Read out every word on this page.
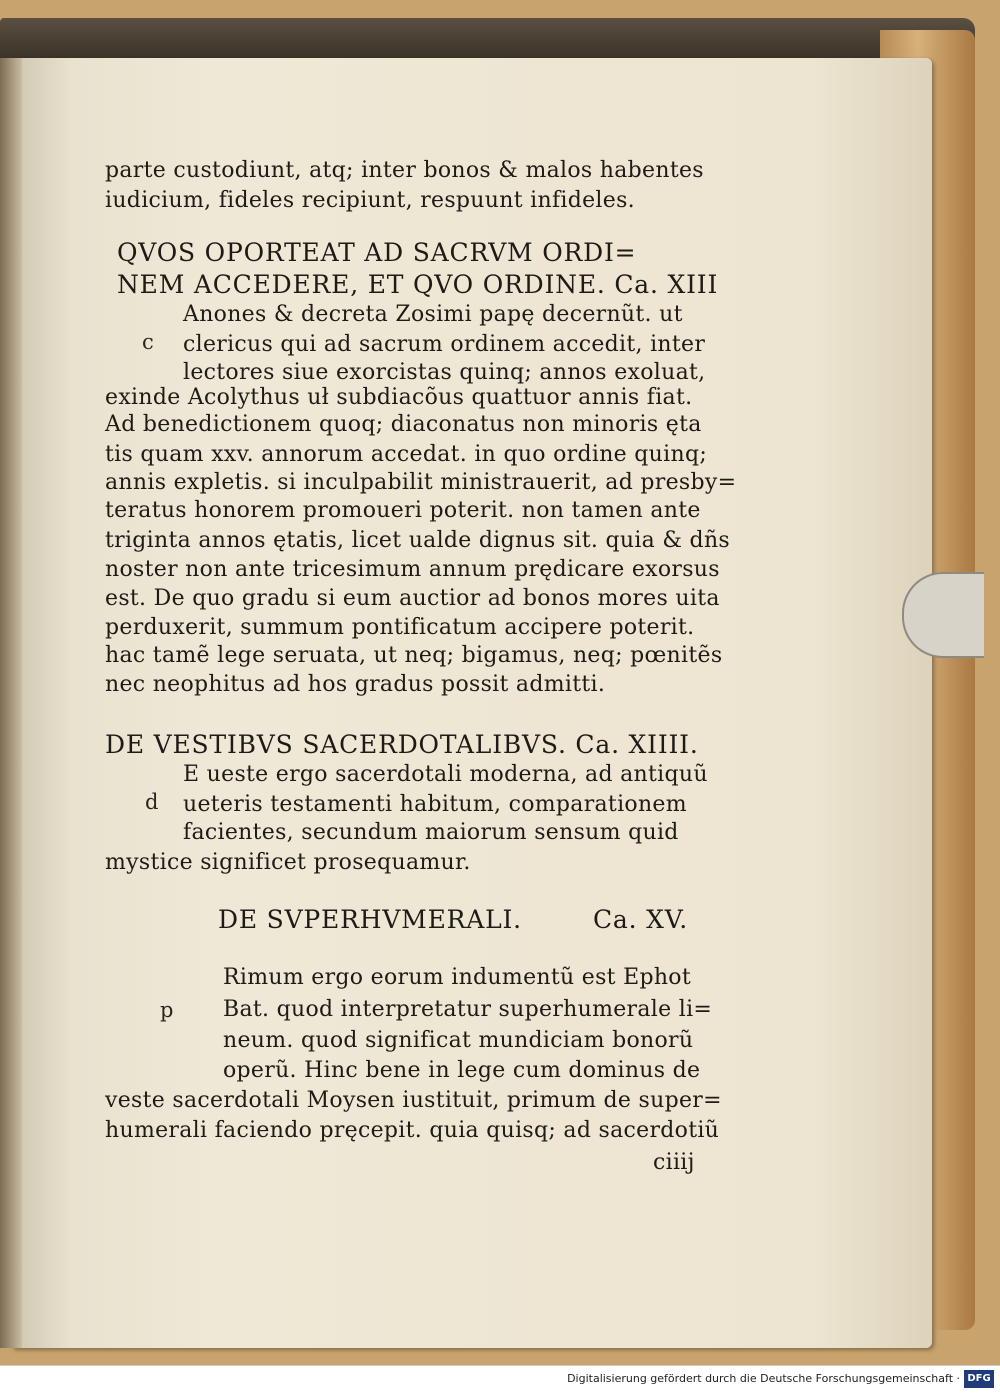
parte custodiunt, atq; inter bonos & malos habentes
iudicium, fideles recipiunt, respuunt infideles.
QVOS OPORTEAT AD SACRVM ORDI=
NEM ACCEDERE, ET QVO ORDINE. Ca. XIII
c
Anones & decreta Zosimi papę decernũt. ut
clericus qui ad sacrum ordinem accedit, inter
lectores siue exorcistas quinq; annos exoluat,
exinde Acolythus uł subdiacõus quattuor annis fiat.
Ad benedictionem quoq; diaconatus non minoris ęta
tis quam xxv. annorum accedat. in quo ordine quinq;
annis expletis. si inculpabilit ministrauerit, ad presby=
teratus honorem promoueri poterit. non tamen ante
triginta annos ętatis, licet ualde dignus sit. quia & dñs
noster non ante tricesimum annum prędicare exorsus
est. De quo gradu si eum auctior ad bonos mores uita
perduxerit, summum pontificatum accipere poterit.
hac tamẽ lege seruata, ut neq; bigamus, neq; pœnitẽs
nec neophitus ad hos gradus possit admitti.
DE VESTIBVS SACERDOTALIBVS. Ca. XIIII.
d
E ueste ergo sacerdotali moderna, ad antiquũ
ueteris testamenti habitum, comparationem
facientes, secundum maiorum sensum quid
mystice significet prosequamur.
DE SVPERHVMERALI.	Ca. XV.
p
Rimum ergo eorum indumentũ est Ephot
Bat. quod interpretatur superhumerale li=
neum. quod significat mundiciam bonorũ
operũ. Hinc bene in lege cum dominus de
veste sacerdotali Moysen iustituit, primum de super=
humerali faciendo pręcepit. quia quisq; ad sacerdotiũ
ciiij
Digitalisierung gefördert durch die Deutsche Forschungsgemeinschaft · DFG
